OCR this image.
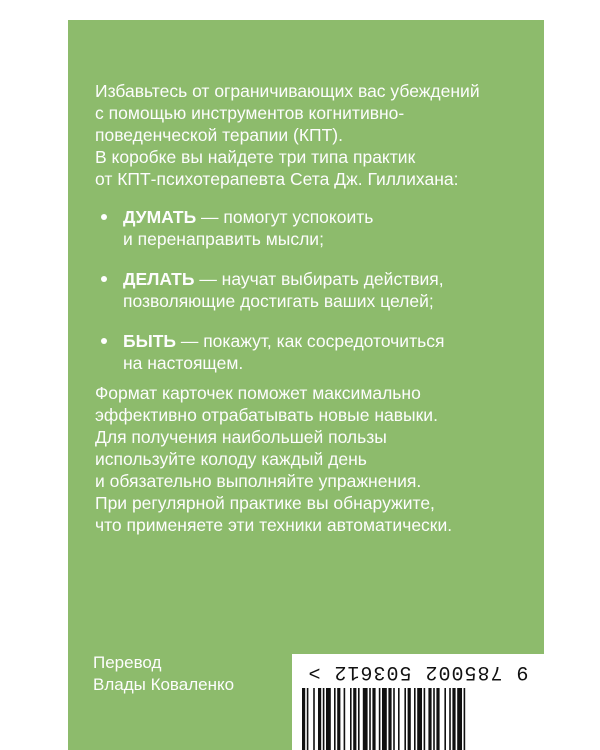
Избавьтесь от ограничивающих вас убеждений

с помощью инструментов когнитивно-

поведенческой терапии (КПТ).

В коробке вы найдете три типа практик

от КПТ-психотерапевта Сета Дж. Гиллихана:

ДУМАТЬ — помогут успокоить
и перенаправить мысли;
ДЕЛАТЬ — научат выбирать действия,
позволяющие достигать ваших целей;
БЫТЬ — покажут, как сосредоточиться
на настоящем.

Формат карточек поможет максимально

эффективно отрабатывать новые навыки.

Для получения наибольшей пользы

используйте колоду каждый день

и обязательно выполняйте упражнения.

При регулярной практике вы обнаружите,

что применяете эти техники автоматически.

Перевод

Влады Коваленко

9 785002 503612 >
